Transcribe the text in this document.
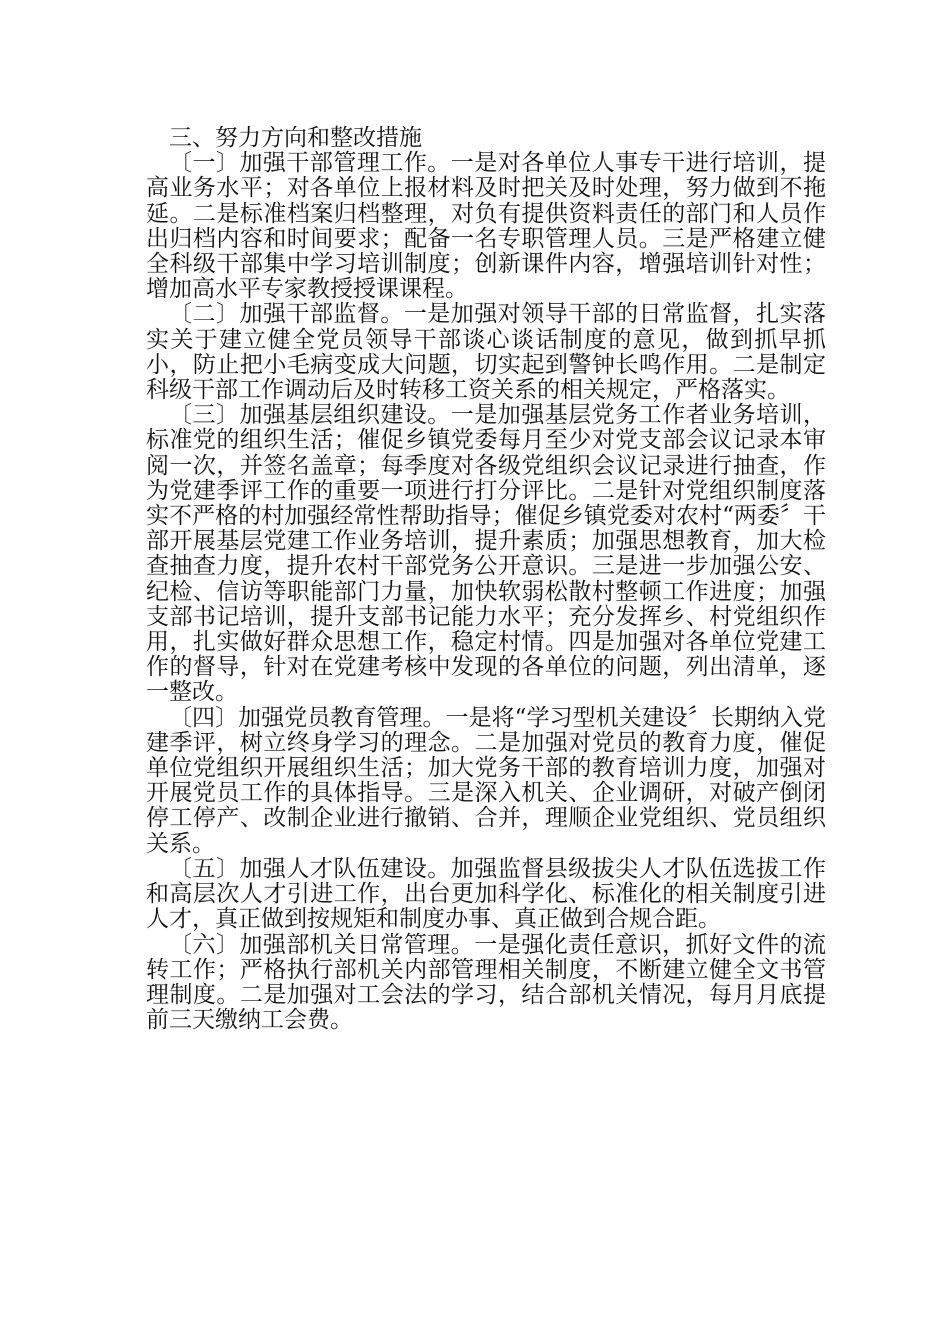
三、努力方向和整改措施

〔一〕加强干部管理工作。一是对各单位人事专干进行培训，提高业务水平；对各单位上报材料及时把关及时处理，努力做到不拖延。二是标准档案归档整理，对负有提供资料责任的部门和人员作出归档内容和时间要求；配备一名专职管理人员。三是严格建立健全科级干部集中学习培训制度；创新课件内容，增强培训针对性；增加高水平专家教授授课课程。

〔二〕加强干部监督。一是加强对领导干部的日常监督，扎实落实关于建立健全党员领导干部谈心谈话制度的意见，做到抓早抓小，防止把小毛病变成大问题，切实起到警钟长鸣作用。二是制定科级干部工作调动后及时转移工资关系的相关规定，严格落实。

〔三〕加强基层组织建设。一是加强基层党务工作者业务培训，标准党的组织生活；催促乡镇党委每月至少对党支部会议记录本审阅一次，并签名盖章；每季度对各级党组织会议记录进行抽查，作为党建季评工作的重要一项进行打分评比。二是针对党组织制度落实不严格的村加强经常性帮助指导；催促乡镇党委对农村“两委〞干部开展基层党建工作业务培训，提升素质；加强思想教育，加大检查抽查力度，提升农村干部党务公开意识。三是进一步加强公安、纪检、信访等职能部门力量，加快软弱松散村整顿工作进度；加强支部书记培训，提升支部书记能力水平；充分发挥乡、村党组织作用，扎实做好群众思想工作，稳定村情。四是加强对各单位党建工作的督导，针对在党建考核中发现的各单位的问题，列出清单，逐一整改。

〔四〕加强党员教育管理。一是将“学习型机关建设〞长期纳入党建季评，树立终身学习的理念。二是加强对党员的教育力度，催促单位党组织开展组织生活；加大党务干部的教育培训力度，加强对开展党员工作的具体指导。三是深入机关、企业调研，对破产倒闭停工停产、改制企业进行撤销、合并，理顺企业党组织、党员组织关系。

〔五〕加强人才队伍建设。加强监督县级拔尖人才队伍选拔工作和高层次人才引进工作，出台更加科学化、标准化的相关制度引进人才，真正做到按规矩和制度办事、真正做到合规合距。

〔六〕加强部机关日常管理。一是强化责任意识，抓好文件的流转工作；严格执行部机关内部管理相关制度，不断建立健全文书管理制度。二是加强对工会法的学习，结合部机关情况，每月月底提前三天缴纳工会费。
